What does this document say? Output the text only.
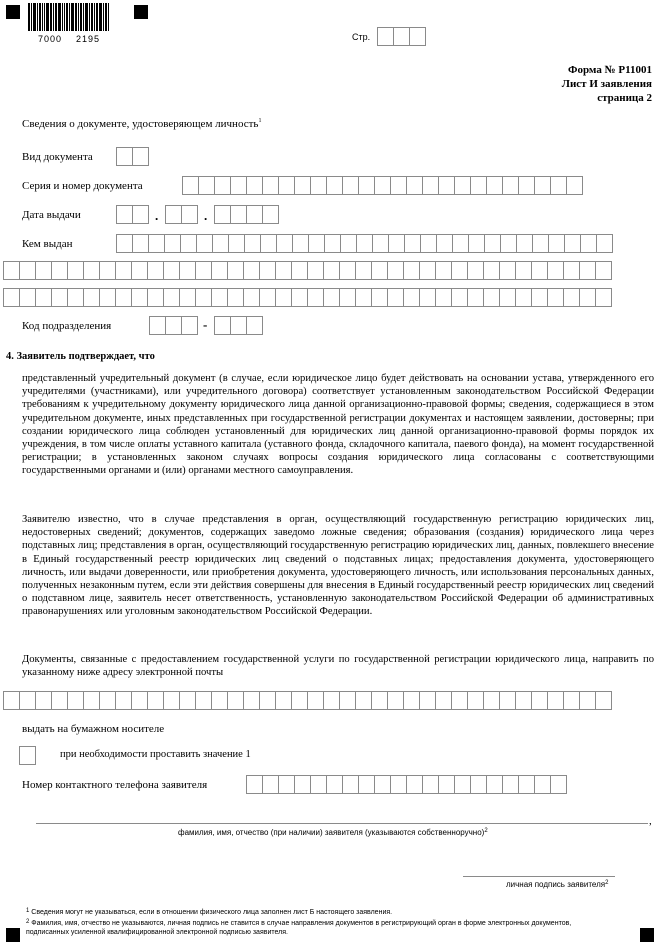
7000    2195	Стр.
Форма № Р11001
Лист И заявления
страница 2
Сведения о документе, удостоверяющем личность$^1$
Вид документа
Серия и номер документа
Дата выдачи	.	.
Кем выдан
Код подразделения	-
4. Заявитель подтверждает, что
представленный учредительный документ (в случае, если юридическое лицо будет действовать на основании устава, утвержденного его учредителями (участниками), или учредительного договора) соответствует установленным законодательством Российской Федерации требованиям к учредительному документу юридического лица данной организационно-правовой формы; сведения, содержащиеся в этом учредительном документе, иных представленных при государственной регистрации документах и настоящем заявлении, достоверны; при создании юридического лица соблюден установленный для юридических лиц данной организационно-правовой формы порядок их учреждения, в том числе оплаты уставного капитала (уставного фонда, складочного капитала, паевого фонда), на момент государственной регистрации; в установленных законом случаях вопросы создания юридического лица согласованы с соответствующими государственными органами и (или) органами местного самоуправления.
Заявителю известно, что в случае представления в орган, осуществляющий государственную регистрацию юридических лиц, недостоверных сведений; документов, содержащих заведомо ложные сведения; образования (создания) юридического лица через подставных лиц; представления в орган, осуществляющий государственную регистрацию юридических лиц, данных, повлекшего внесение в Единый государственный реестр юридических лиц сведений о подставных лицах; предоставления документа, удостоверяющего личность, или выдачи доверенности, или приобретения документа, удостоверяющего личность, или использования персональных данных, полученных незаконным путем, если эти действия совершены для внесения в Единый государственный реестр юридических лиц сведений о подставном лице, заявитель несет ответственность, установленную законодательством Российской Федерации об административных правонарушениях или уголовным законодательством Российской Федерации.
Документы, связанные с предоставлением государственной услуги по государственной регистрации юридического лица, направить по указанному ниже адресу электронной почты
выдать на бумажном носителе
при необходимости проставить значение 1
Номер контактного телефона заявителя
,
фамилия, имя, отчество (при наличии) заявителя (указываются собственноручно)$^2$
личная подпись заявителя$^2$
$^1$ Сведения могут не указываться, если в отношении физического лица заполнен лист Б настоящего заявления.
$^2$ Фамилия, имя, отчество не указываются, личная подпись не ставится в случае направления документов в регистрирующий орган в форме электронных документов, подписанных усиленной квалифицированной электронной подписью заявителя.
